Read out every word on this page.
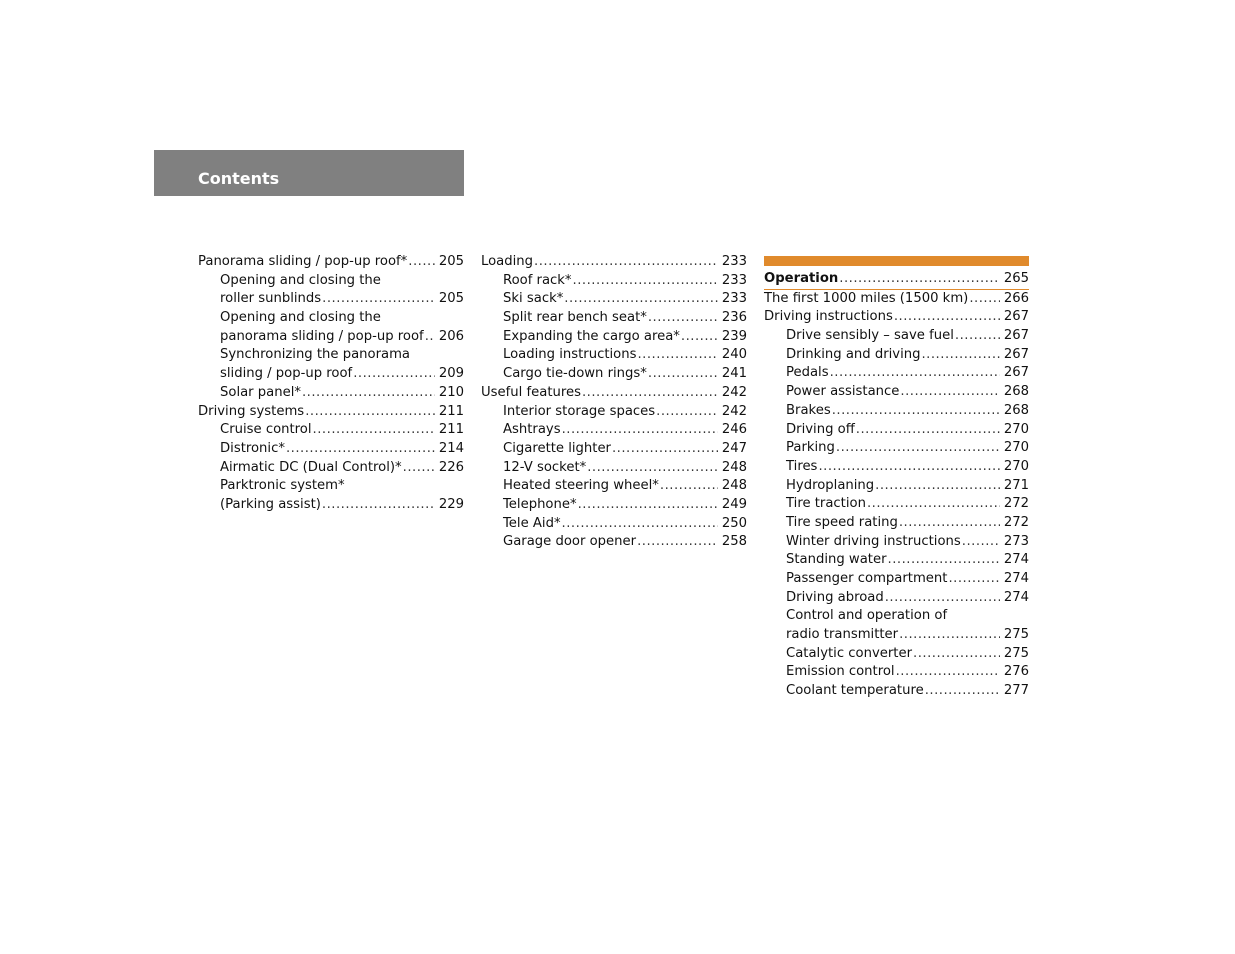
Contents
Panorama sliding / pop-up roof* ..... 205
Opening and closing the
roller sunblinds .....	205
Opening and closing the
panorama sliding / pop-up roof ..... 206
Synchronizing the panorama
sliding / pop-up roof .....	209
Solar panel* .....	210
Driving systems .....	211
Cruise control .....	211
Distronic* .....	214
Airmatic DC (Dual Control)* .....	226
Parktronic system*
(Parking assist) .....	229
Loading .....	233
Roof rack* .....	233
Ski sack* .....	233
Split rear bench seat* .....	236
Expanding the cargo area* .....	239
Loading instructions .....	240
Cargo tie-down rings* .....	241
Useful features .....	242
Interior storage spaces .....	242
Ashtrays .....	246
Cigarette lighter .....	247
12-V socket* .....	248
Heated steering wheel* .....	248
Telephone* .....	249
Tele Aid* .....	250
Garage door opener .....	258
Operation .....	265
The first 1000 miles (1500 km) .....	266
Driving instructions .....	267
Drive sensibly – save fuel .....	267
Drinking and driving .....	267
Pedals .....	267
Power assistance .....	268
Brakes .....	268
Driving off .....	270
Parking .....	270
Tires .....	270
Hydroplaning .....	271
Tire traction .....	272
Tire speed rating .....	272
Winter driving instructions .....	273
Standing water .....	274
Passenger compartment .....	274
Driving abroad .....	274
Control and operation of
radio transmitter .....	275
Catalytic converter .....	275
Emission control .....	276
Coolant temperature .....	277
